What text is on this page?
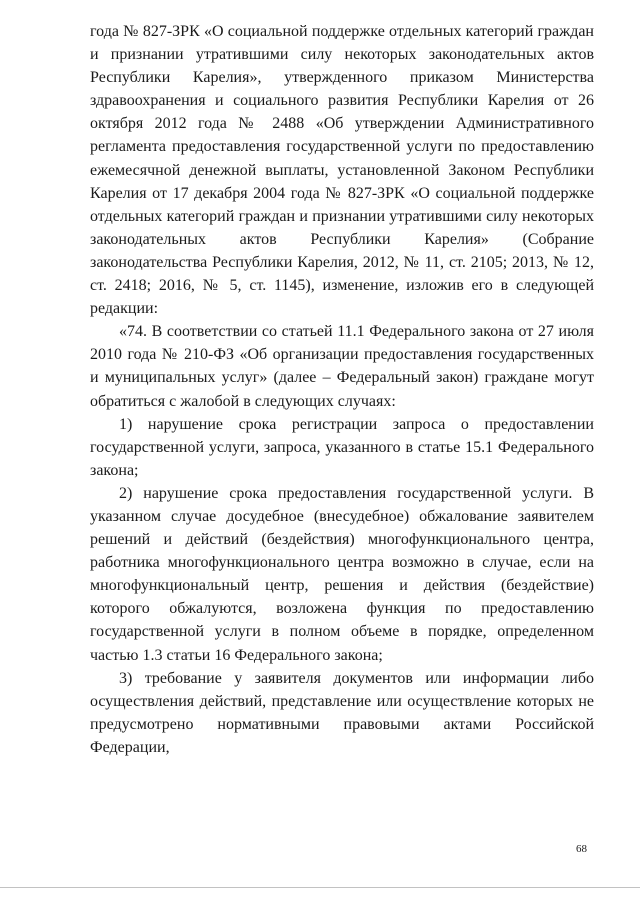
года № 827-ЗРК «О социальной поддержке отдельных категорий граждан и признании утратившими силу некоторых законодательных актов Республики Карелия», утвержденного приказом Министерства здравоохранения и социального развития Республики Карелия от 26 октября 2012 года № 2488 «Об утверждении Административного регламента предоставления государственной услуги по предоставлению ежемесячной денежной выплаты, установленной Законом Республики Карелия от 17 декабря 2004 года № 827-ЗРК «О социальной поддержке отдельных категорий граждан и признании утратившими силу некоторых законодательных актов Республики Карелия» (Собрание законодательства Республики Карелия, 2012, № 11, ст. 2105; 2013, № 12, ст. 2418; 2016, № 5, ст. 1145), изменение, изложив его в следующей редакции:

«74. В соответствии со статьей 11.1 Федерального закона от 27 июля 2010 года № 210-ФЗ «Об организации предоставления государственных и муниципальных услуг» (далее – Федеральный закон) граждане могут обратиться с жалобой в следующих случаях:

1) нарушение срока регистрации запроса о предоставлении государственной услуги, запроса, указанного в статье 15.1 Федерального закона;

2) нарушение срока предоставления государственной услуги. В указанном случае досудебное (внесудебное) обжалование заявителем решений и действий (бездействия) многофункционального центра, работника многофункционального центра возможно в случае, если на многофункциональный центр, решения и действия (бездействие) которого обжалуются, возложена функция по предоставлению государственной услуги в полном объеме в порядке, определенном частью 1.3 статьи 16 Федерального закона;

3) требование у заявителя документов или информации либо осуществления действий, представление или осуществление которых не предусмотрено нормативными правовыми актами Российской Федерации,

68
